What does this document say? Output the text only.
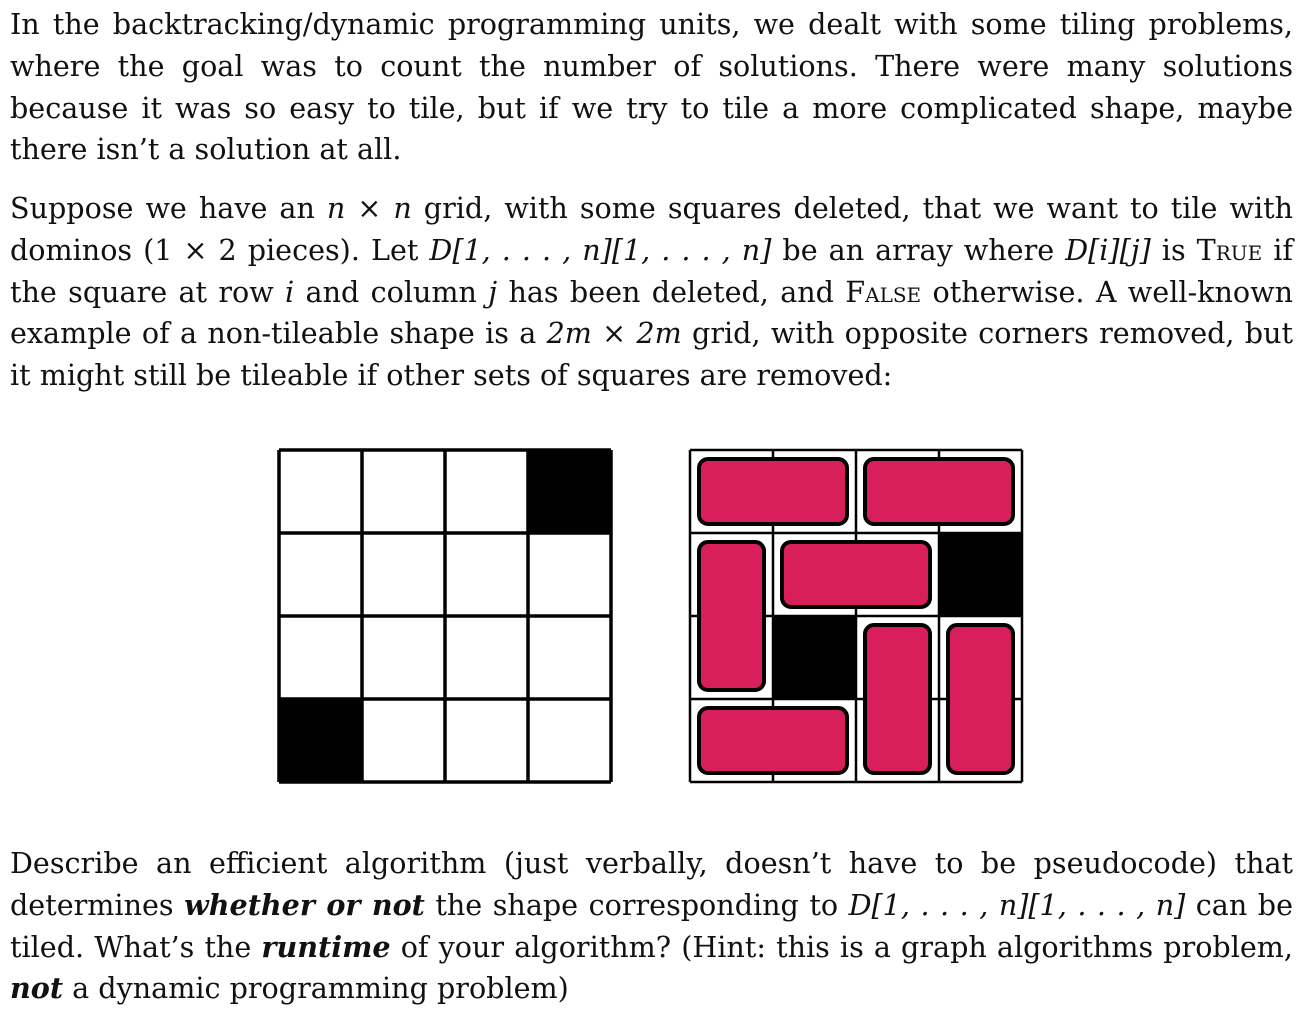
In the backtracking/dynamic programming units, we dealt with some tiling problems, where the goal was to count the number of solutions. There were many solutions because it was so easy to tile, but if we try to tile a more complicated shape, maybe there isn’t a solution at all.

Suppose we have an n × n grid, with some squares deleted, that we want to tile with dominos (1 × 2 pieces). Let D[1, . . . , n][1, . . . , n] be an array where D[i][j] is True if the square at row i and column j has been deleted, and False otherwise. A well-known example of a non-tileable shape is a 2m × 2m grid, with opposite corners removed, but it might still be tileable if other sets of squares are removed:

Describe an efficient algorithm (just verbally, doesn’t have to be pseudocode) that determines whether or not the shape corresponding to D[1, . . . , n][1, . . . , n] can be tiled. What’s the runtime of your algorithm? (Hint: this is a graph algorithms problem, not a dynamic programming problem)
